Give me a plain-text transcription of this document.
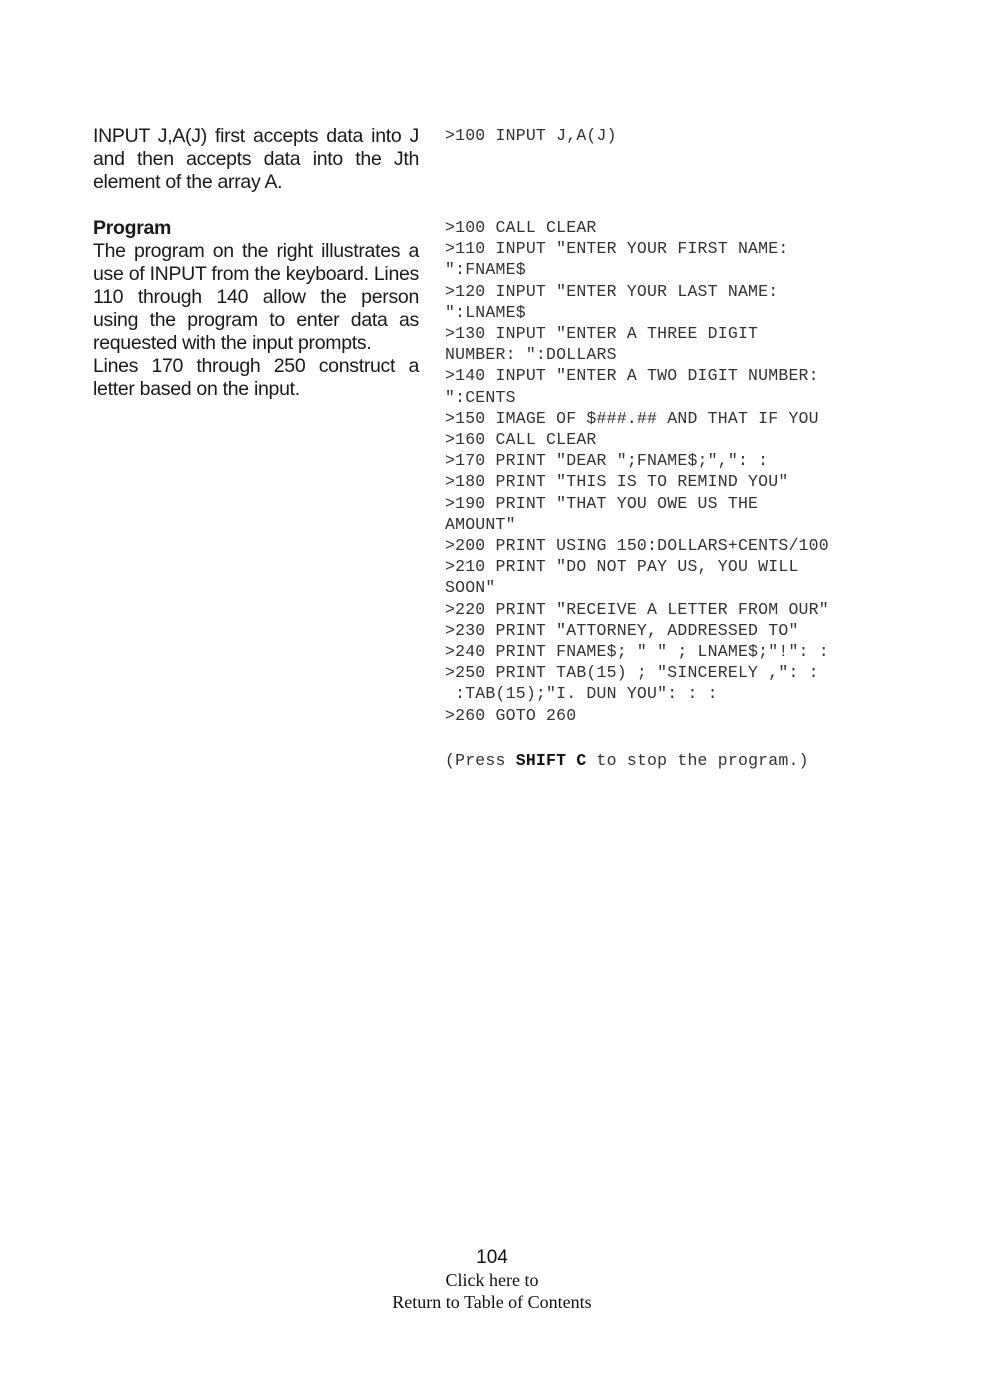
INPUT J,A(J) first accepts data into J and then accepts data into the Jth element of the array A.

>100 INPUT J,A(J)
Program

The program on the right illustrates a use of INPUT from the keyboard. Lines 110 through 140 allow the person using the program to enter data as requested with the input prompts.

Lines 170 through 250 construct a letter based on the input.

>100 CALL CLEAR
>110 INPUT "ENTER YOUR FIRST NAME:
":FNAME$
>120 INPUT "ENTER YOUR LAST NAME:
":LNAME$
>130 INPUT "ENTER A THREE DIGIT
NUMBER: ":DOLLARS
>140 INPUT "ENTER A TWO DIGIT NUMBER:
":CENTS
>150 IMAGE OF $###.## AND THAT IF YOU
>160 CALL CLEAR
>170 PRINT "DEAR ";FNAME$;",": :
>180 PRINT "THIS IS TO REMIND YOU"
>190 PRINT "THAT YOU OWE US THE
AMOUNT"
>200 PRINT USING 150:DOLLARS+CENTS/100
>210 PRINT "DO NOT PAY US, YOU WILL
SOON"
>220 PRINT "RECEIVE A LETTER FROM OUR"
>230 PRINT "ATTORNEY, ADDRESSED TO"
>240 PRINT FNAME$; " " ; LNAME$;"!": :
>250 PRINT TAB(15) ; "SINCERELY ,": :
:TAB(15);"I. DUN YOU": : :
>260 GOTO 260

(Press SHIFT C to stop the program.)

104
Click here to
Return to Table of Contents
